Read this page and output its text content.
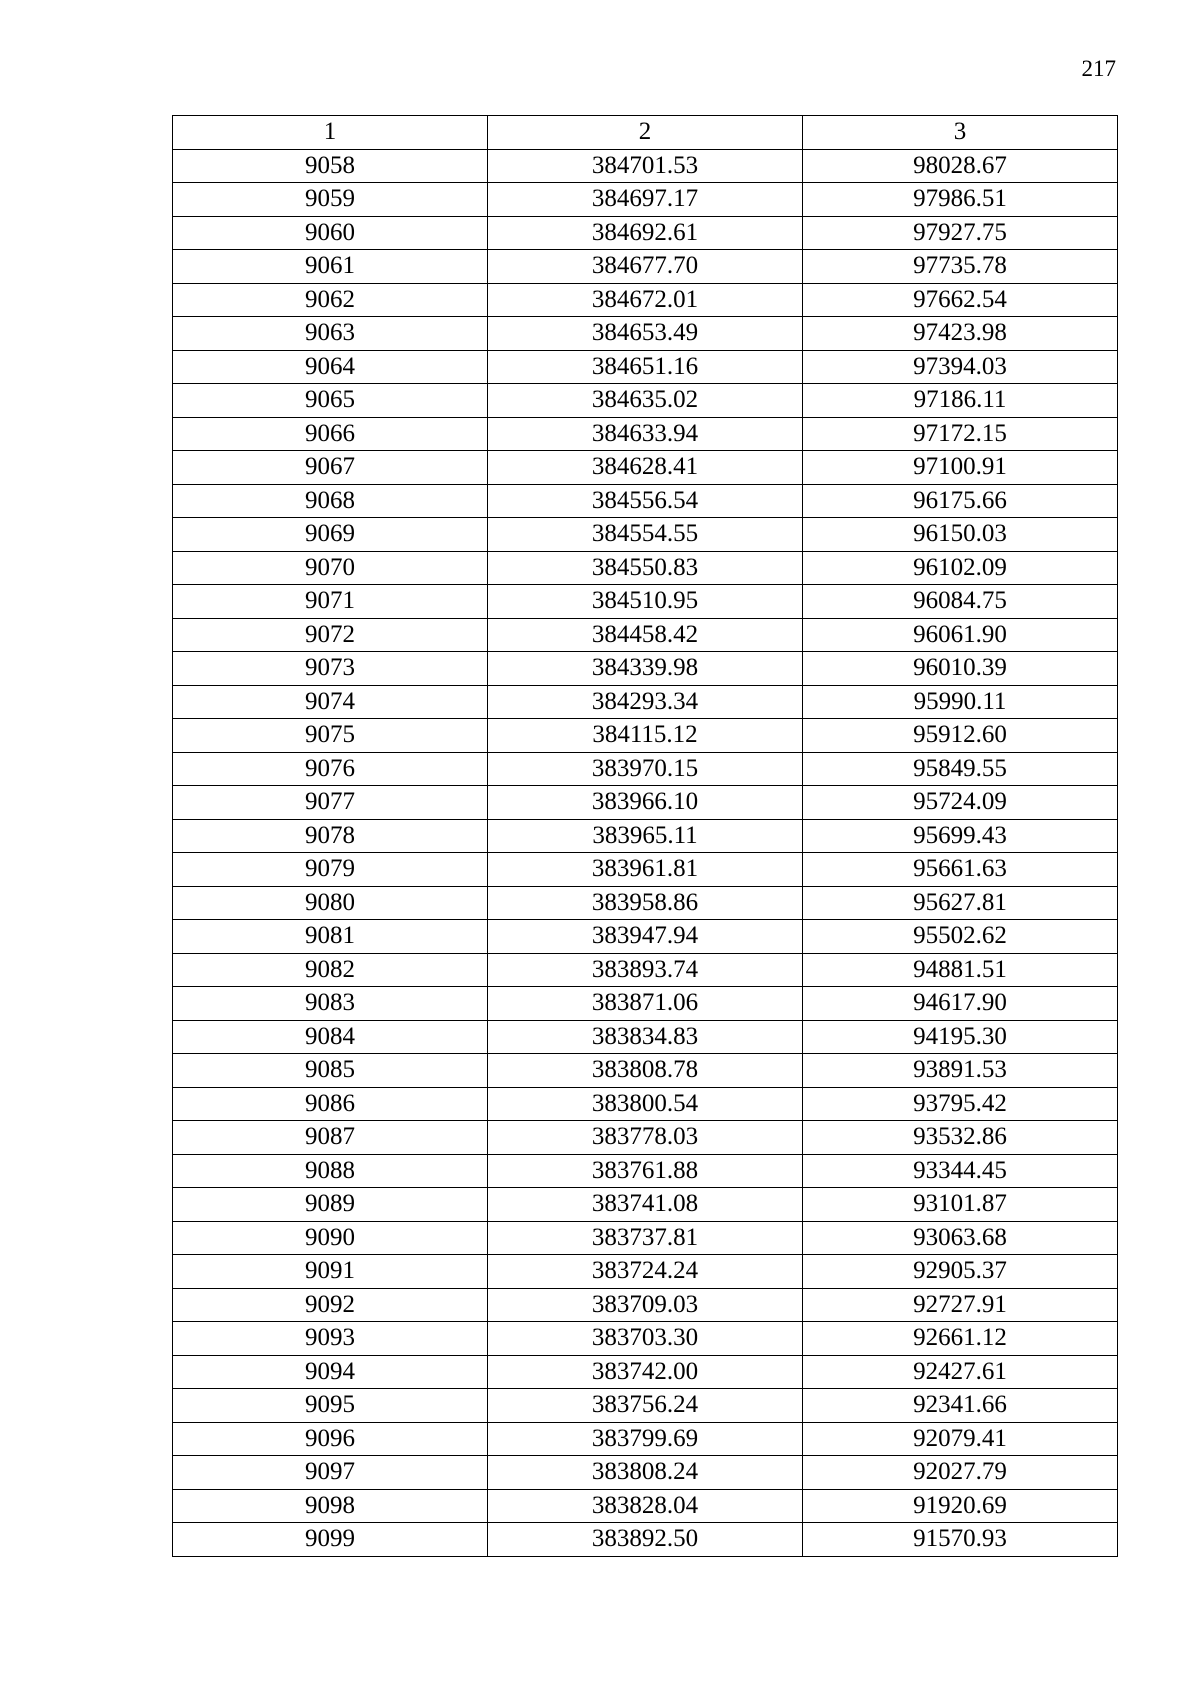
217
1	2	3
9058	384701.53	98028.67
9059	384697.17	97986.51
9060	384692.61	97927.75
9061	384677.70	97735.78
9062	384672.01	97662.54
9063	384653.49	97423.98
9064	384651.16	97394.03
9065	384635.02	97186.11
9066	384633.94	97172.15
9067	384628.41	97100.91
9068	384556.54	96175.66
9069	384554.55	96150.03
9070	384550.83	96102.09
9071	384510.95	96084.75
9072	384458.42	96061.90
9073	384339.98	96010.39
9074	384293.34	95990.11
9075	384115.12	95912.60
9076	383970.15	95849.55
9077	383966.10	95724.09
9078	383965.11	95699.43
9079	383961.81	95661.63
9080	383958.86	95627.81
9081	383947.94	95502.62
9082	383893.74	94881.51
9083	383871.06	94617.90
9084	383834.83	94195.30
9085	383808.78	93891.53
9086	383800.54	93795.42
9087	383778.03	93532.86
9088	383761.88	93344.45
9089	383741.08	93101.87
9090	383737.81	93063.68
9091	383724.24	92905.37
9092	383709.03	92727.91
9093	383703.30	92661.12
9094	383742.00	92427.61
9095	383756.24	92341.66
9096	383799.69	92079.41
9097	383808.24	92027.79
9098	383828.04	91920.69
9099	383892.50	91570.93
